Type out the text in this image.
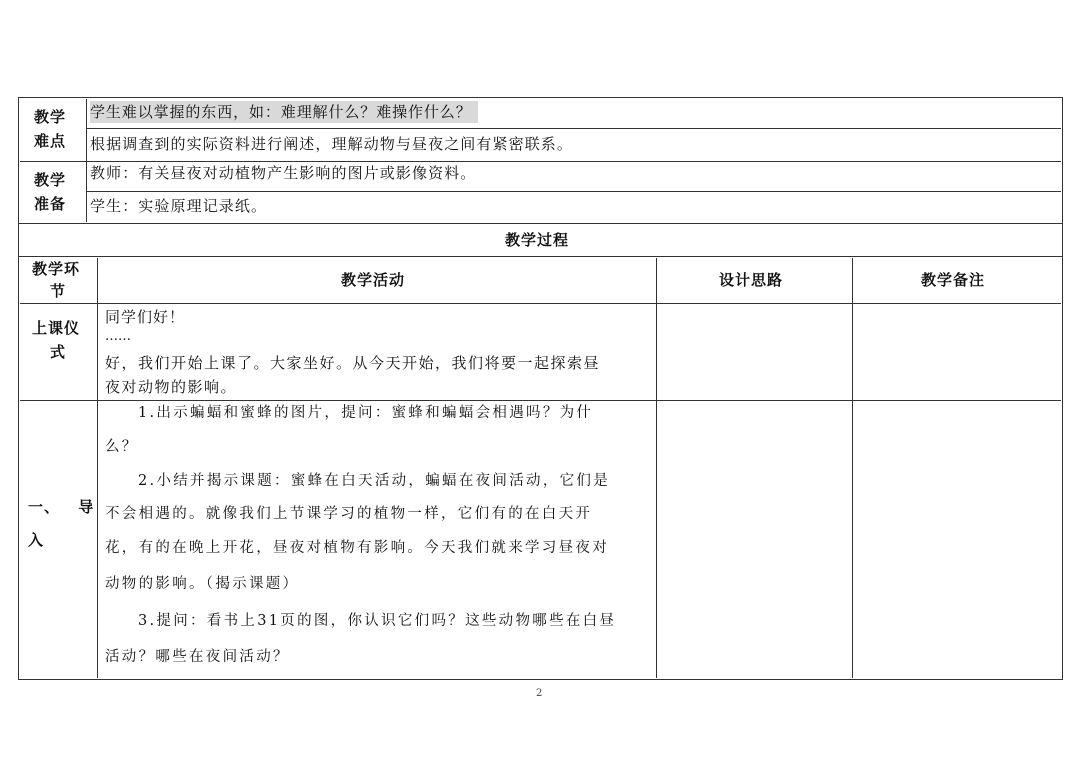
教学
难点
学生难以掌握的东西，如：难理解什么？难操作什么？
根据调查到的实际资料进行阐述，理解动物与昼夜之间有紧密联系。
教学
准备
教师：有关昼夜对动植物产生影响的图片或影像资料。
学生：实验原理记录纸。
教学过程
教学环
节
教学活动	设计思路	教学备注
上课仪
式
同学们好！
……
好，我们开始上课了。大家坐好。从今天开始，我们将要一起探索昼
夜对动物的影响。
一、 导
入
1.出示蝙蝠和蜜蜂的图片，提问：蜜蜂和蝙蝠会相遇吗？为什
么？
2.小结并揭示课题：蜜蜂在白天活动，蝙蝠在夜间活动，它们是
不会相遇的。就像我们上节课学习的植物一样，它们有的在白天开
花，有的在晚上开花，昼夜对植物有影响。今天我们就来学习昼夜对
动物的影响。（揭示课题）
3.提问：看书上31页的图，你认识它们吗？这些动物哪些在白昼
活动？哪些在夜间活动？
2
